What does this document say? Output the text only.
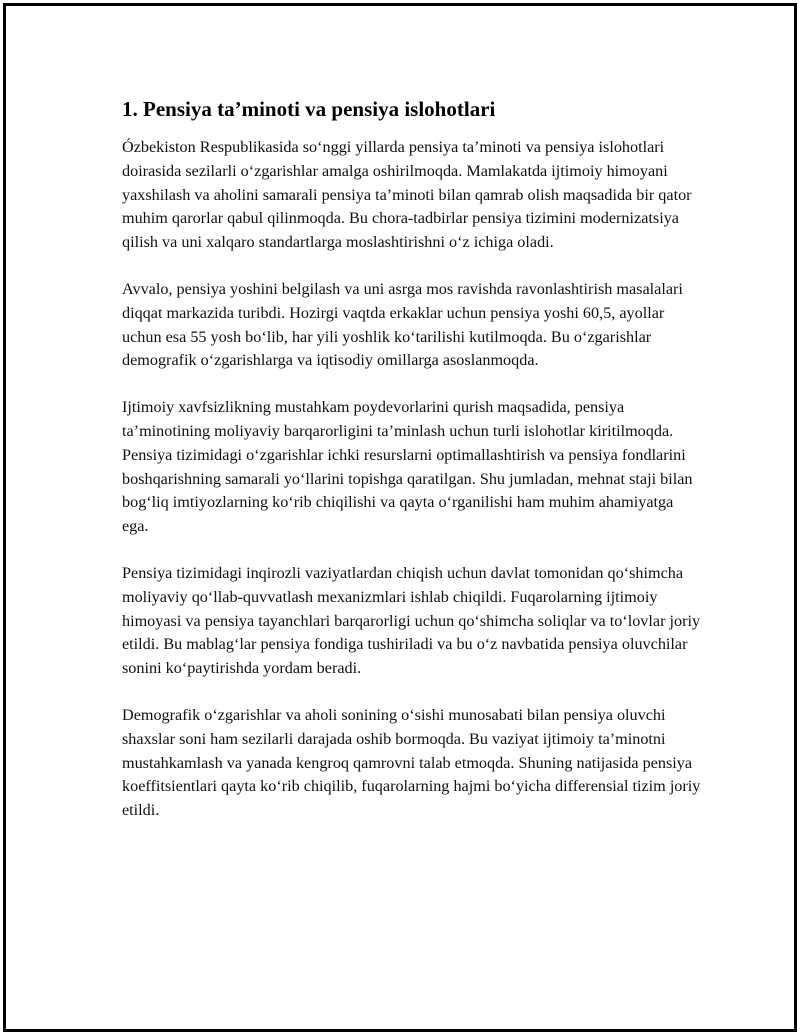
1. Pensiya ta’minoti va pensiya islohotlari

Ózbekiston Respublikasida so‘nggi yillarda pensiya ta’minoti va pensiya islohotlari doirasida sezilarli o‘zgarishlar amalga oshirilmoqda. Mamlakatda ijtimoiy himoyani yaxshilash va aholini samarali pensiya ta’minoti bilan qamrab olish maqsadida bir qator muhim qarorlar qabul qilinmoqda. Bu chora-tadbirlar pensiya tizimini modernizatsiya qilish va uni xalqaro standartlarga moslashtirishni o‘z ichiga oladi.

Avvalo, pensiya yoshini belgilash va uni asrga mos ravishda ravonlashtirish masalalari diqqat markazida turibdi. Hozirgi vaqtda erkaklar uchun pensiya yoshi 60,5, ayollar uchun esa 55 yosh bo‘lib, har yili yoshlik ko‘tarilishi kutilmoqda. Bu o‘zgarishlar demografik o‘zgarishlarga va iqtisodiy omillarga asoslanmoqda.

Ijtimoiy xavfsizlikning mustahkam poydevorlarini qurish maqsadida, pensiya ta’minotining moliyaviy barqarorligini ta’minlash uchun turli islohotlar kiritilmoqda. Pensiya tizimidagi o‘zgarishlar ichki resurslarni optimallashtirish va pensiya fondlarini boshqarishning samarali yo‘llarini topishga qaratilgan. Shu jumladan, mehnat staji bilan bog‘liq imtiyozlarning ko‘rib chiqilishi va qayta o‘rganilishi ham muhim ahamiyatga ega.

Pensiya tizimidagi inqirozli vaziyatlardan chiqish uchun davlat tomonidan qo‘shimcha moliyaviy qo‘llab-quvvatlash mexanizmlari ishlab chiqildi. Fuqarolarning ijtimoiy himoyasi va pensiya tayanchlari barqarorligi uchun qo‘shimcha soliqlar va to‘lovlar joriy etildi. Bu mablag‘lar pensiya fondiga tushiriladi va bu o‘z navbatida pensiya oluvchilar sonini ko‘paytirishda yordam beradi.

Demografik o‘zgarishlar va aholi sonining o‘sishi munosabati bilan pensiya oluvchi shaxslar soni ham sezilarli darajada oshib bormoqda. Bu vaziyat ijtimoiy ta’minotni mustahkamlash va yanada kengroq qamrovni talab etmoqda. Shuning natijasida pensiya koeffitsientlari qayta ko‘rib chiqilib, fuqarolarning hajmi bo‘yicha differensial tizim joriy etildi.
